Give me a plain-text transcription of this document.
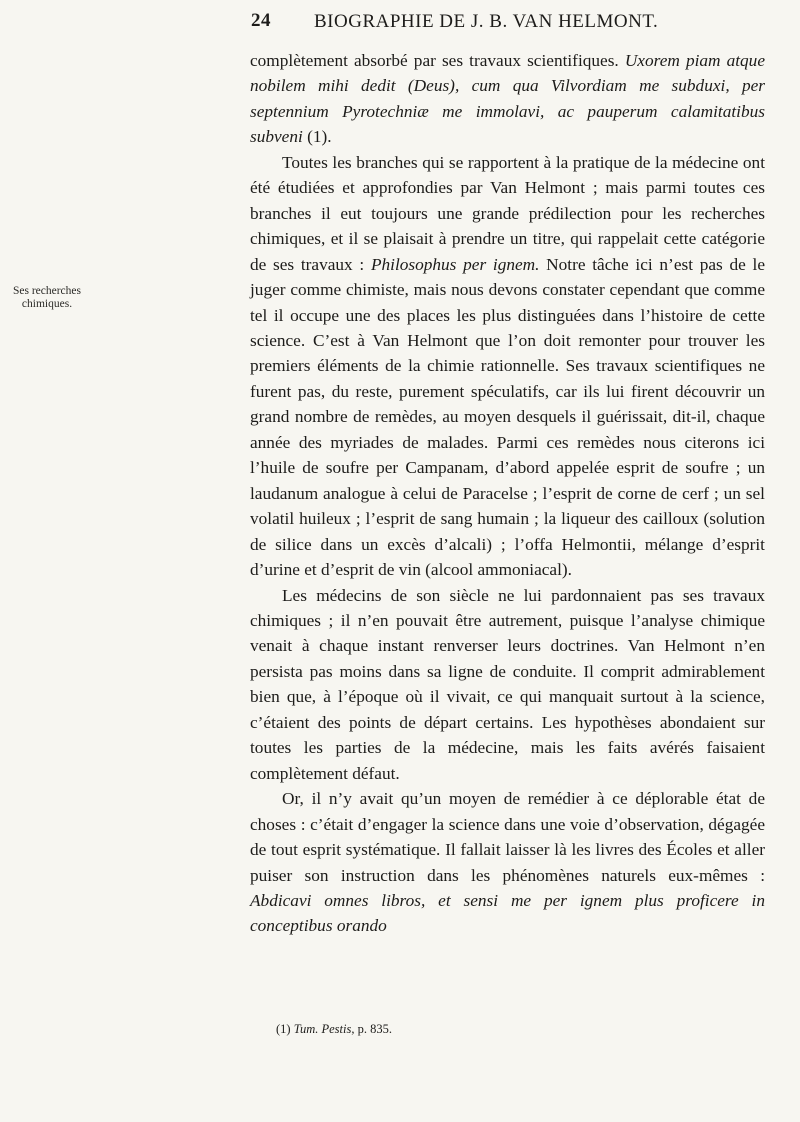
24 BIOGRAPHIE DE J. B. VAN HELMONT.
Ses recherches chimiques.

complètement absorbé par ses travaux scientifiques. Uxorem piam atque nobilem mihi dedit (Deus), cum qua Vilvordiam me subduxi, per septennium Pyrotechniæ me immolavi, ac pauperum calamitatibus subveni (1).

Toutes les branches qui se rapportent à la pratique de la médecine ont été étudiées et approfondies par Van Helmont ; mais parmi toutes ces branches il eut toujours une grande prédilection pour les recherches chimiques, et il se plaisait à prendre un titre, qui rappelait cette catégorie de ses travaux : Philosophus per ignem. Notre tâche ici n’est pas de le juger comme chimiste, mais nous devons constater cependant que comme tel il occupe une des places les plus distinguées dans l’histoire de cette science. C’est à Van Helmont que l’on doit remonter pour trouver les premiers éléments de la chimie rationnelle. Ses travaux scientifiques ne furent pas, du reste, purement spéculatifs, car ils lui firent découvrir un grand nombre de remèdes, au moyen desquels il guérissait, dit-il, chaque année des myriades de malades. Parmi ces remèdes nous citerons ici l’huile de soufre per Campanam, d’abord appelée esprit de soufre ; un laudanum analogue à celui de Paracelse ; l’esprit de corne de cerf ; un sel volatil huileux ; l’esprit de sang humain ; la liqueur des cailloux (solution de silice dans un excès d’alcali) ; l’offa Helmontii, mélange d’esprit d’urine et d’esprit de vin (alcool ammoniacal).

Les médecins de son siècle ne lui pardonnaient pas ses travaux chimiques ; il n’en pouvait être autrement, puisque l’analyse chimique venait à chaque instant renverser leurs doctrines. Van Helmont n’en persista pas moins dans sa ligne de conduite. Il comprit admirablement bien que, à l’époque où il vivait, ce qui manquait surtout à la science, c’étaient des points de départ certains. Les hypothèses abondaient sur toutes les parties de la médecine, mais les faits avérés faisaient complètement défaut.

Or, il n’y avait qu’un moyen de remédier à ce déplorable état de choses : c’était d’engager la science dans une voie d’observation, dégagée de tout esprit systématique. Il fallait laisser là les livres des Écoles et aller puiser son instruction dans les phénomènes naturels eux-mêmes : Abdicavi omnes libros, et sensi me per ignem plus proficere in conceptibus orando

(1) Tum. Pestis, p. 835.
